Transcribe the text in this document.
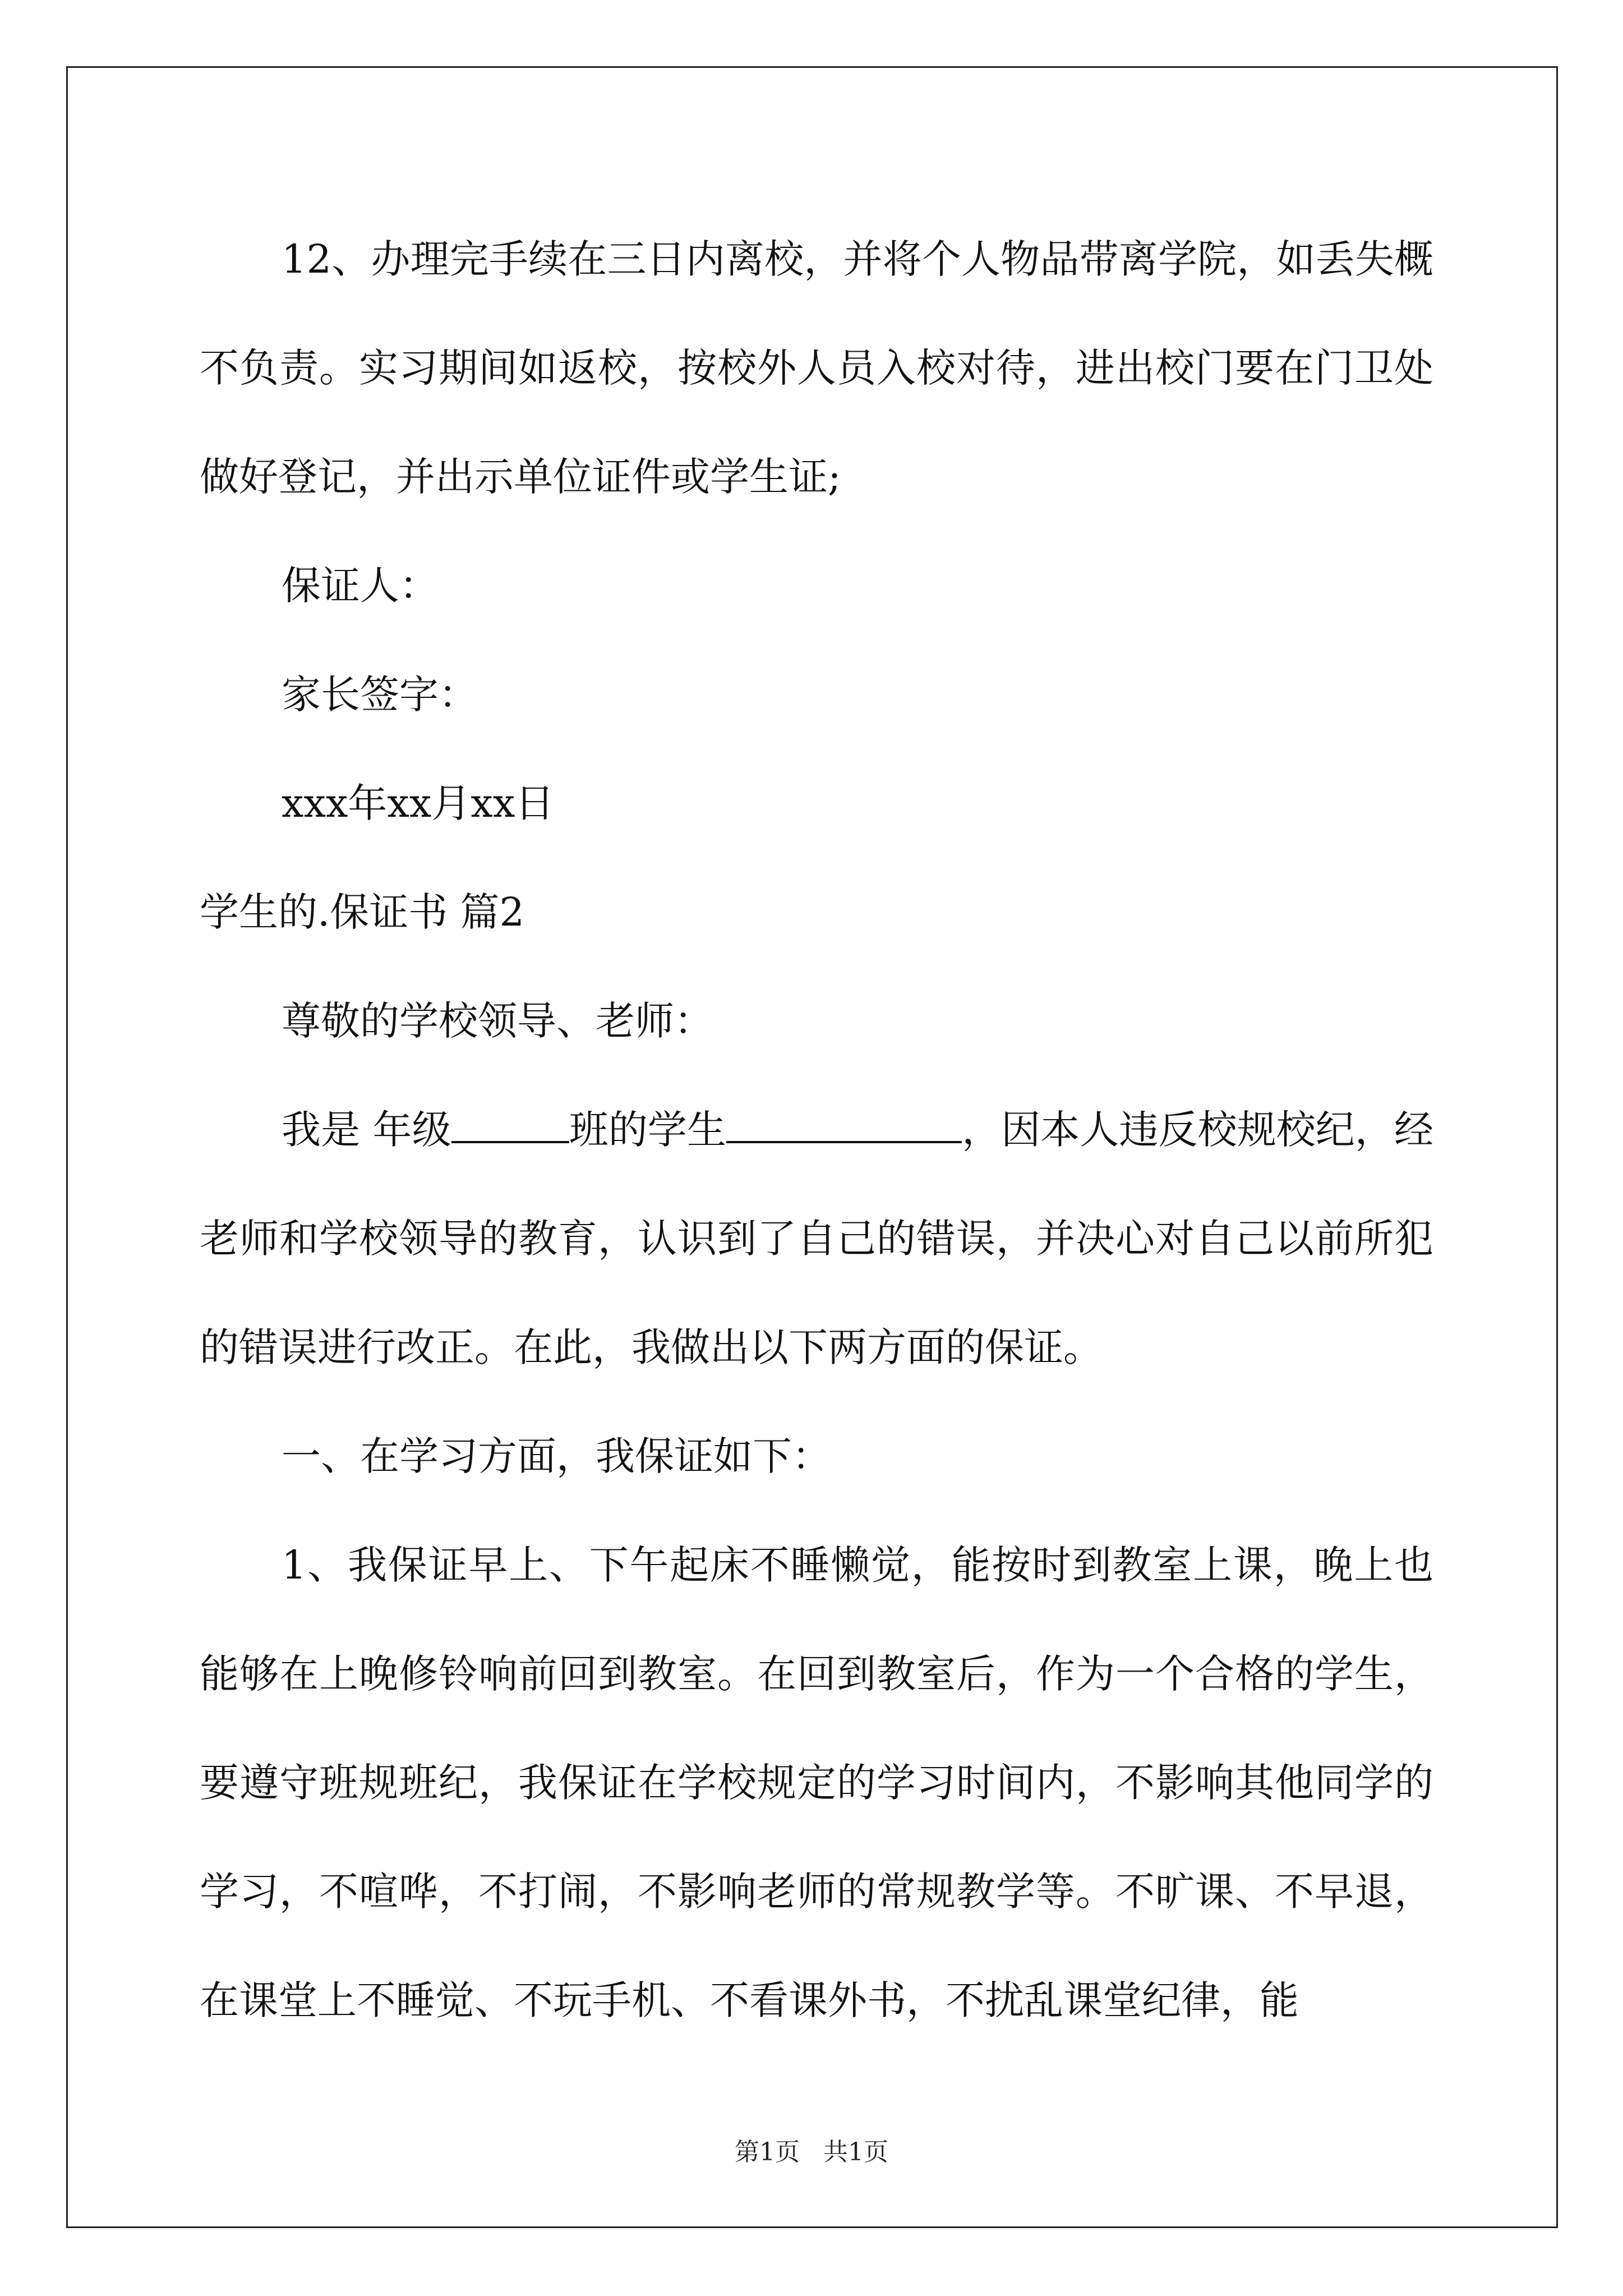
12、办理完手续在三日内离校，并将个人物品带离学院，如丢失概不负责。实习期间如返校，按校外人员入校对待，进出校门要在门卫处做好登记，并出示单位证件或学生证;

保证人：

家长签字：

xxx年xx月xx日

学生的.保证书 篇2

尊敬的学校领导、老师：

我是 年级	班的学生	，因本人违反校规校纪，经老师和学校领导的教育，认识到了自己的错误，并决心对自己以前所犯的错误进行改正。在此，我做出以下两方面的保证。

一、在学习方面，我保证如下：

1、我保证早上、下午起床不睡懒觉，能按时到教室上课，晚上也能够在上晚修铃响前回到教室。在回到教室后，作为一个合格的学生，要遵守班规班纪，我保证在学校规定的学习时间内，不影响其他同学的学习，不喧哗，不打闹，不影响老师的常规教学等。不旷课、不早退，在课堂上不睡觉、不玩手机、不看课外书，不扰乱课堂纪律，能

第1页   共1页
